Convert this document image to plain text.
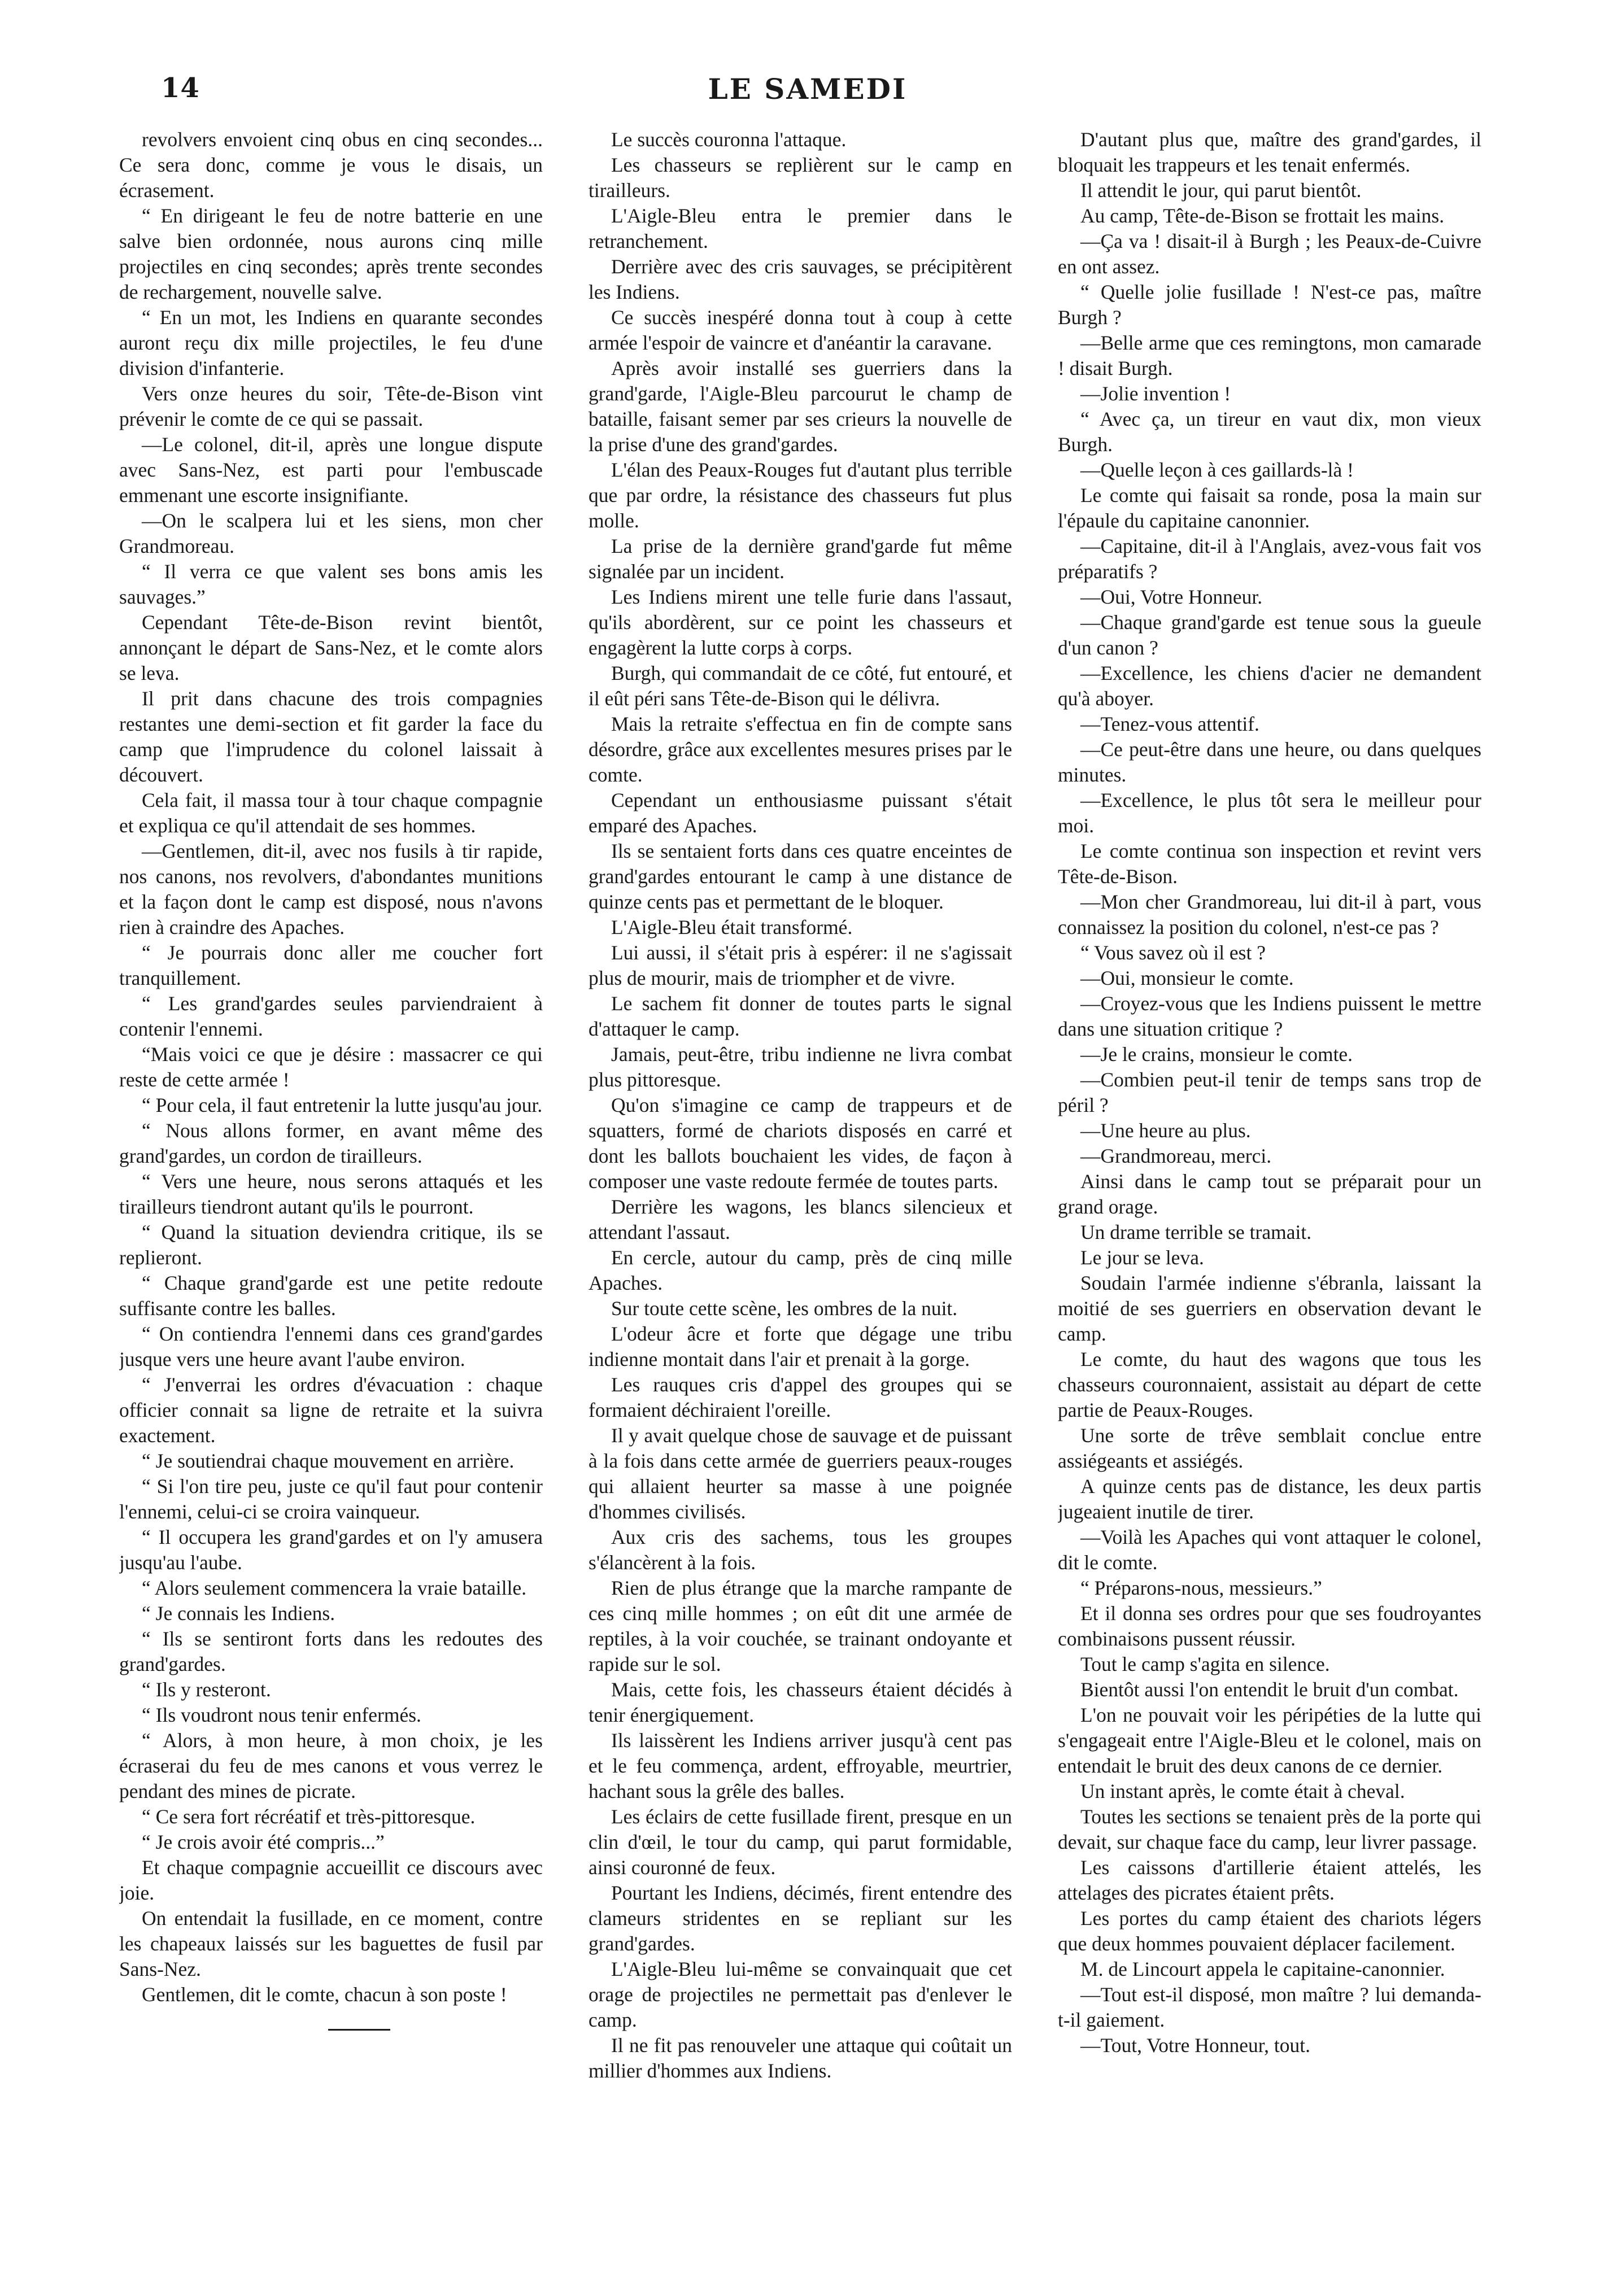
14	LE SAMEDI

revolvers envoient cinq obus en cinq secondes... Ce sera donc, comme je vous le disais, un écrasement.

“ En dirigeant le feu de notre batterie en une salve bien ordonnée, nous aurons cinq mille projectiles en cinq secondes; après trente secondes de rechargement, nouvelle salve.

“ En un mot, les Indiens en quarante secondes auront reçu dix mille projectiles, le feu d'une division d'infanterie.

Vers onze heures du soir, Tête-de-Bison vint prévenir le comte de ce qui se passait.

—Le colonel, dit-il, après une longue dispute avec Sans-Nez, est parti pour l'embuscade emmenant une escorte insignifiante.

—On le scalpera lui et les siens, mon cher Grandmoreau.

“ Il verra ce que valent ses bons amis les sauvages.”

Cependant Tête-de-Bison revint bientôt, annonçant le départ de Sans-Nez, et le comte alors se leva.

Il prit dans chacune des trois compagnies restantes une demi-section et fit garder la face du camp que l'imprudence du colonel laissait à découvert.

Cela fait, il massa tour à tour chaque compagnie et expliqua ce qu'il attendait de ses hommes.

—Gentlemen, dit-il, avec nos fusils à tir rapide, nos canons, nos revolvers, d'abondantes munitions et la façon dont le camp est disposé, nous n'avons rien à craindre des Apaches.

“ Je pourrais donc aller me coucher fort tranquillement.

“ Les grand'gardes seules parviendraient à contenir l'ennemi.

“Mais voici ce que je désire : massacrer ce qui reste de cette armée !

“ Pour cela, il faut entretenir la lutte jusqu'au jour.

“ Nous allons former, en avant même des grand'gardes, un cordon de tirailleurs.

“ Vers une heure, nous serons attaqués et les tirailleurs tiendront autant qu'ils le pourront.

“ Quand la situation deviendra critique, ils se replieront.

“ Chaque grand'garde est une petite redoute suffisante contre les balles.

“ On contiendra l'ennemi dans ces grand'gardes jusque vers une heure avant l'aube environ.

“ J'enverrai les ordres d'évacuation : chaque officier connait sa ligne de retraite et la suivra exactement.

“ Je soutiendrai chaque mouvement en arrière.

“ Si l'on tire peu, juste ce qu'il faut pour contenir l'ennemi, celui-ci se croira vainqueur.

“ Il occupera les grand'gardes et on l'y amusera jusqu'au l'aube.

“ Alors seulement commencera la vraie bataille.

“ Je connais les Indiens.

“ Ils se sentiront forts dans les redoutes des grand'gardes.

“ Ils y resteront.

“ Ils voudront nous tenir enfermés.

“ Alors, à mon heure, à mon choix, je les écraserai du feu de mes canons et vous verrez le pendant des mines de picrate.

“ Ce sera fort récréatif et très-pittoresque.

“ Je crois avoir été compris...”

Et chaque compagnie accueillit ce discours avec joie.

On entendait la fusillade, en ce moment, contre les chapeaux laissés sur les baguettes de fusil par Sans-Nez.

Gentlemen, dit le comte, chacun à son poste !

Le succès couronna l'attaque.

Les chasseurs se replièrent sur le camp en tirailleurs.

L'Aigle-Bleu entra le premier dans le retranchement.

Derrière avec des cris sauvages, se précipitèrent les Indiens.

Ce succès inespéré donna tout à coup à cette armée l'espoir de vaincre et d'anéantir la caravane.

Après avoir installé ses guerriers dans la grand'garde, l'Aigle-Bleu parcourut le champ de bataille, faisant semer par ses crieurs la nouvelle de la prise d'une des grand'gardes.

L'élan des Peaux-Rouges fut d'autant plus terrible que par ordre, la résistance des chasseurs fut plus molle.

La prise de la dernière grand'garde fut même signalée par un incident.

Les Indiens mirent une telle furie dans l'assaut, qu'ils abordèrent, sur ce point les chasseurs et engagèrent la lutte corps à corps.

Burgh, qui commandait de ce côté, fut entouré, et il eût péri sans Tête-de-Bison qui le délivra.

Mais la retraite s'effectua en fin de compte sans désordre, grâce aux excellentes mesures prises par le comte.

Cependant un enthousiasme puissant s'était emparé des Apaches.

Ils se sentaient forts dans ces quatre enceintes de grand'gardes entourant le camp à une distance de quinze cents pas et permettant de le bloquer.

L'Aigle-Bleu était transformé.

Lui aussi, il s'était pris à espérer: il ne s'agissait plus de mourir, mais de triompher et de vivre.

Le sachem fit donner de toutes parts le signal d'attaquer le camp.

Jamais, peut-être, tribu indienne ne livra combat plus pittoresque.

Qu'on s'imagine ce camp de trappeurs et de squatters, formé de chariots disposés en carré et dont les ballots bouchaient les vides, de façon à composer une vaste redoute fermée de toutes parts.

Derrière les wagons, les blancs silencieux et attendant l'assaut.

En cercle, autour du camp, près de cinq mille Apaches.

Sur toute cette scène, les ombres de la nuit.

L'odeur âcre et forte que dégage une tribu indienne montait dans l'air et prenait à la gorge.

Les rauques cris d'appel des groupes qui se formaient déchiraient l'oreille.

Il y avait quelque chose de sauvage et de puissant à la fois dans cette armée de guerriers peaux-rouges qui allaient heurter sa masse à une poignée d'hommes civilisés.

Aux cris des sachems, tous les groupes s'élancèrent à la fois.

Rien de plus étrange que la marche rampante de ces cinq mille hommes ; on eût dit une armée de reptiles, à la voir couchée, se trainant ondoyante et rapide sur le sol.

Mais, cette fois, les chasseurs étaient décidés à tenir énergiquement.

Ils laissèrent les Indiens arriver jusqu'à cent pas et le feu commença, ardent, effroyable, meurtrier, hachant sous la grêle des balles.

Les éclairs de cette fusillade firent, presque en un clin d'œil, le tour du camp, qui parut formidable, ainsi couronné de feux.

Pourtant les Indiens, décimés, firent entendre des clameurs stridentes en se repliant sur les grand'gardes.

L'Aigle-Bleu lui-même se convainquait que cet orage de projectiles ne permettait pas d'enlever le camp.

Il ne fit pas renouveler une attaque qui coûtait un millier d'hommes aux Indiens.

D'autant plus que, maître des grand'gardes, il bloquait les trappeurs et les tenait enfermés.

Il attendit le jour, qui parut bientôt.

Au camp, Tête-de-Bison se frottait les mains.

—Ça va ! disait-il à Burgh ; les Peaux-de-Cuivre en ont assez.

“ Quelle jolie fusillade ! N'est-ce pas, maître Burgh ?

—Belle arme que ces remingtons, mon camarade ! disait Burgh.

—Jolie invention !

“ Avec ça, un tireur en vaut dix, mon vieux Burgh.

—Quelle leçon à ces gaillards-là !

Le comte qui faisait sa ronde, posa la main sur l'épaule du capitaine canonnier.

—Capitaine, dit-il à l'Anglais, avez-vous fait vos préparatifs ?

—Oui, Votre Honneur.

—Chaque grand'garde est tenue sous la gueule d'un canon ?

—Excellence, les chiens d'acier ne demandent qu'à aboyer.

—Tenez-vous attentif.

—Ce peut-être dans une heure, ou dans quelques minutes.

—Excellence, le plus tôt sera le meilleur pour moi.

Le comte continua son inspection et revint vers Tête-de-Bison.

—Mon cher Grandmoreau, lui dit-il à part, vous connaissez la position du colonel, n'est-ce pas ?

“ Vous savez où il est ?

—Oui, monsieur le comte.

—Croyez-vous que les Indiens puissent le mettre dans une situation critique ?

—Je le crains, monsieur le comte.

—Combien peut-il tenir de temps sans trop de péril ?

—Une heure au plus.

—Grandmoreau, merci.

Ainsi dans le camp tout se préparait pour un grand orage.

Un drame terrible se tramait.

Le jour se leva.

Soudain l'armée indienne s'ébranla, laissant la moitié de ses guerriers en observation devant le camp.

Le comte, du haut des wagons que tous les chasseurs couronnaient, assistait au départ de cette partie de Peaux-Rouges.

Une sorte de trêve semblait conclue entre assiégeants et assiégés.

A quinze cents pas de distance, les deux partis jugeaient inutile de tirer.

—Voilà les Apaches qui vont attaquer le colonel, dit le comte.

“ Préparons-nous, messieurs.”

Et il donna ses ordres pour que ses foudroyantes combinaisons pussent réussir.

Tout le camp s'agita en silence.

Bientôt aussi l'on entendit le bruit d'un combat.

L'on ne pouvait voir les péripéties de la lutte qui s'engageait entre l'Aigle-Bleu et le colonel, mais on entendait le bruit des deux canons de ce dernier.

Un instant après, le comte était à cheval.

Toutes les sections se tenaient près de la porte qui devait, sur chaque face du camp, leur livrer passage.

Les caissons d'artillerie étaient attelés, les attelages des picrates étaient prêts.

Les portes du camp étaient des chariots légers que deux hommes pouvaient déplacer facilement.

M. de Lincourt appela le capitaine-canonnier.

—Tout est-il disposé, mon maître ? lui demanda-t-il gaiement.

—Tout, Votre Honneur, tout.
